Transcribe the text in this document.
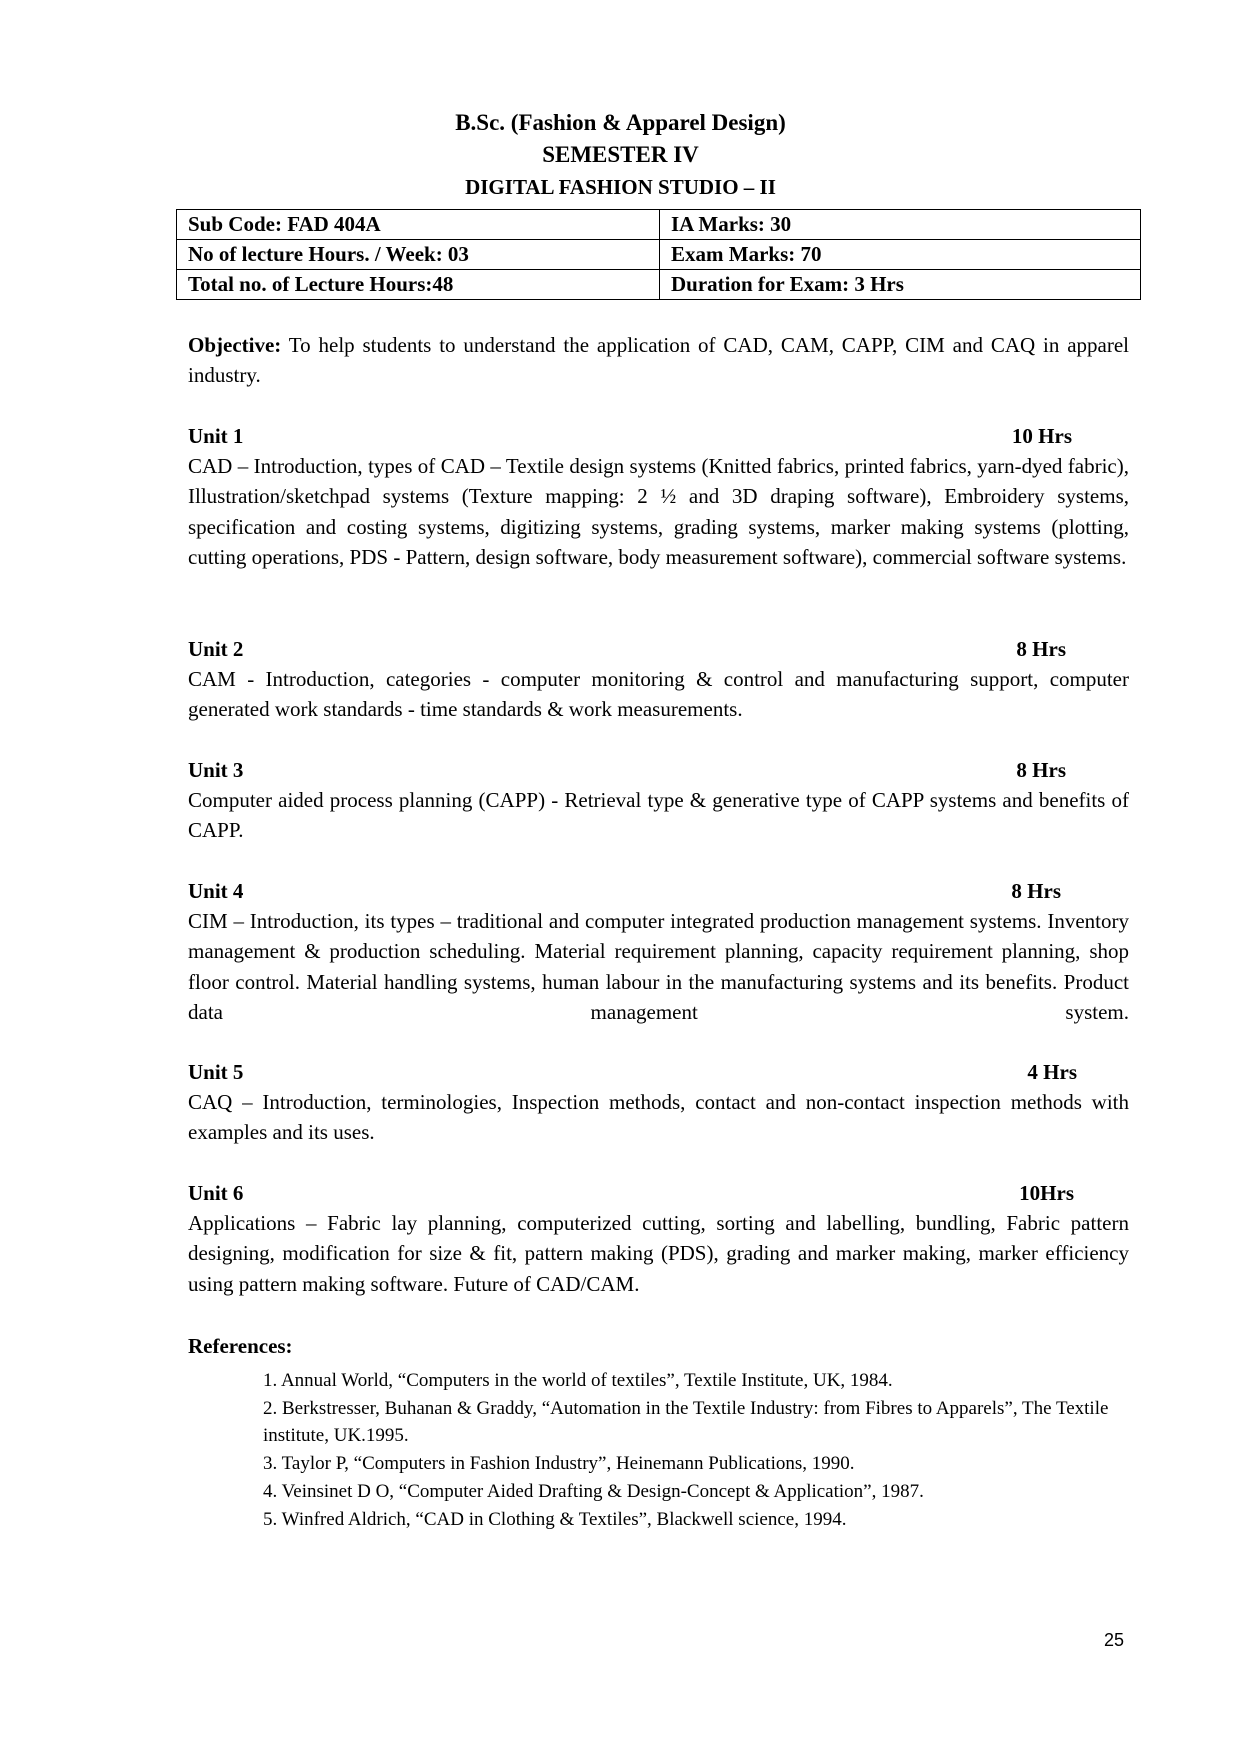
B.Sc. (Fashion & Apparel Design)
SEMESTER IV
DIGITAL FASHION STUDIO – II
Sub Code: FAD 404A	IA Marks: 30
No of lecture Hours. / Week: 03	Exam Marks: 70
Total no. of Lecture Hours:48	Duration for Exam: 3 Hrs
Objective: To help students to understand the application of CAD, CAM, CAPP, CIM and CAQ in apparel industry.
Unit 1	10 Hrs
CAD – Introduction, types of CAD – Textile design systems (Knitted fabrics, printed fabrics, yarn-dyed fabric), Illustration/sketchpad systems (Texture mapping: 2 ½ and 3D draping software), Embroidery systems, specification and costing systems, digitizing systems, grading systems, marker making systems (plotting, cutting operations, PDS - Pattern, design software, body measurement software), commercial software systems.
Unit 2	8 Hrs
CAM - Introduction, categories - computer monitoring & control and manufacturing support, computer generated work standards - time standards & work measurements.
Unit 3	8 Hrs
Computer aided process planning (CAPP) - Retrieval type & generative type of CAPP systems and benefits of CAPP.
Unit 4	8 Hrs
CIM – Introduction, its types – traditional and computer integrated production management systems. Inventory management & production scheduling. Material requirement planning, capacity requirement planning, shop floor control. Material handling systems, human labour in the manufacturing systems and its benefits. Product data management system.
Unit 5	4 Hrs
CAQ – Introduction, terminologies, Inspection methods, contact and non-contact inspection methods with examples and its uses.
Unit 6	10Hrs
Applications – Fabric lay planning, computerized cutting, sorting and labelling, bundling, Fabric pattern designing, modification for size & fit, pattern making (PDS), grading and marker making, marker efficiency using pattern making software. Future of CAD/CAM.
References:
1. Annual World, “Computers in the world of textiles”, Textile Institute, UK, 1984.
2. Berkstresser, Buhanan & Graddy, “Automation in the Textile Industry: from Fibres to Apparels”, The Textile institute, UK.1995.
3. Taylor P, “Computers in Fashion Industry”, Heinemann Publications, 1990.
4. Veinsinet D O, “Computer Aided Drafting & Design-Concept & Application”, 1987.
5. Winfred Aldrich, “CAD in Clothing & Textiles”, Blackwell science, 1994.
25
